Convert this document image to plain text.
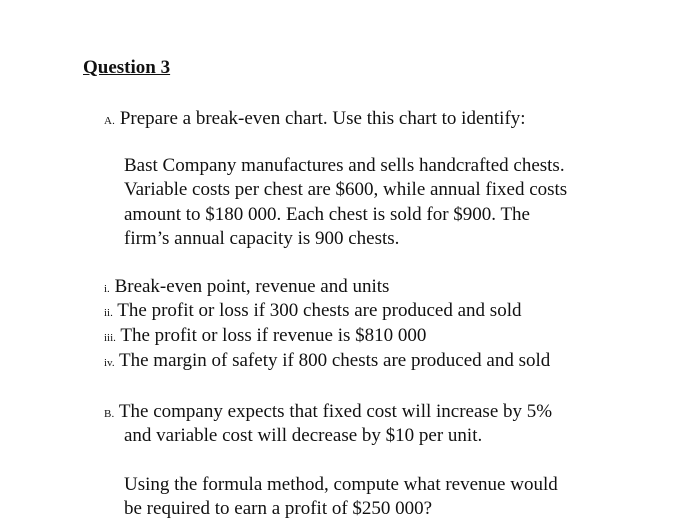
Question 3
A. Prepare a break-even chart. Use this chart to identify:
Bast Company manufactures and sells handcrafted chests.
Variable costs per chest are $600, while annual fixed costs
amount to $180 000. Each chest is sold for $900. The
firm’s annual capacity is 900 chests.
i. Break-even point, revenue and units
ii. The profit or loss if 300 chests are produced and sold
iii. The profit or loss if revenue is $810 000
iv. The margin of safety if 800 chests are produced and sold
B. The company expects that fixed cost will increase by 5%
and variable cost will decrease by $10 per unit.
Using the formula method, compute what revenue would
be required to earn a profit of $250 000?
